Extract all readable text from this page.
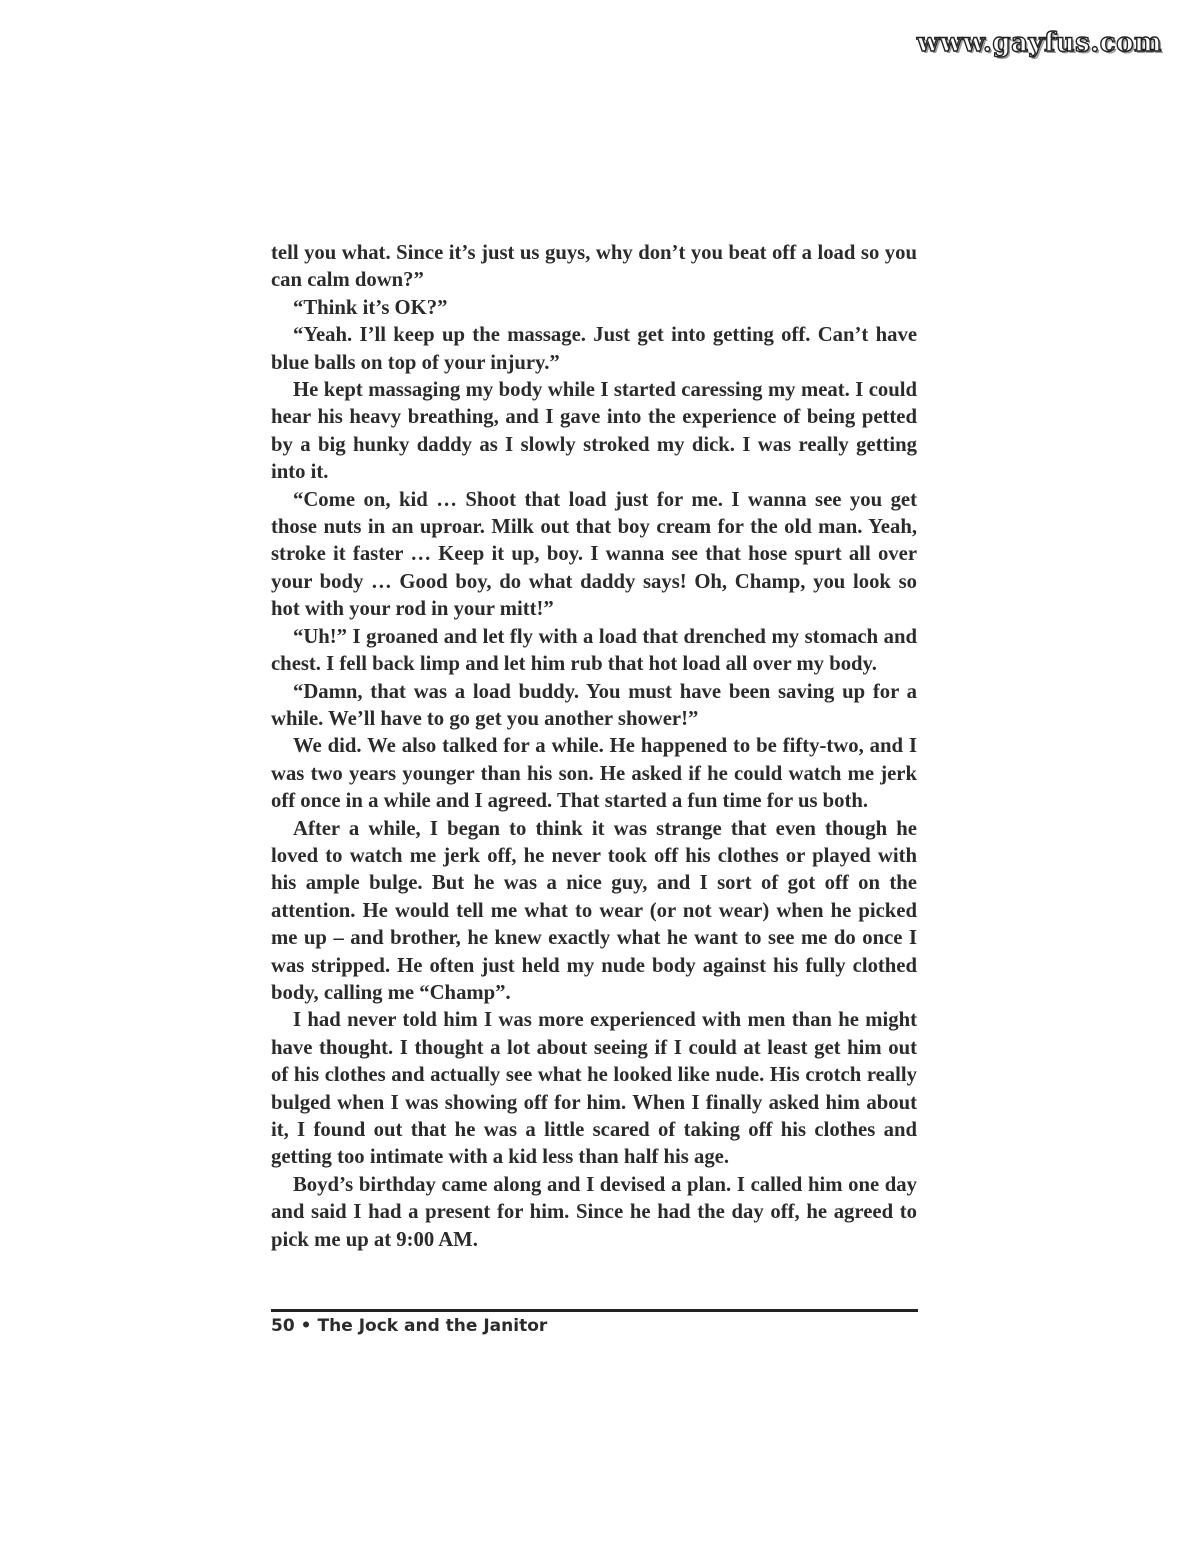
www.gayfus.com

tell you what. Since it’s just us guys, why don’t you beat off a load so you can calm down?”

“Think it’s OK?”

“Yeah. I’ll keep up the massage. Just get into getting off. Can’t have blue balls on top of your injury.”

He kept massaging my body while I started caressing my meat. I could hear his heavy breathing, and I gave into the experience of being petted by a big hunky daddy as I slowly stroked my dick. I was really getting into it.

“Come on, kid … Shoot that load just for me. I wanna see you get those nuts in an uproar. Milk out that boy cream for the old man. Yeah, stroke it faster … Keep it up, boy. I wanna see that hose spurt all over your body … Good boy, do what daddy says! Oh, Champ, you look so hot with your rod in your mitt!”

“Uh!” I groaned and let fly with a load that drenched my stomach and chest. I fell back limp and let him rub that hot load all over my body.

“Damn, that was a load buddy. You must have been saving up for a while. We’ll have to go get you another shower!”

We did. We also talked for a while. He happened to be fifty-two, and I was two years younger than his son. He asked if he could watch me jerk off once in a while and I agreed. That started a fun time for us both.

After a while, I began to think it was strange that even though he loved to watch me jerk off, he never took off his clothes or played with his ample bulge. But he was a nice guy, and I sort of got off on the attention. He would tell me what to wear (or not wear) when he picked me up – and brother, he knew exactly what he want to see me do once I was stripped. He often just held my nude body against his fully clothed body, calling me “Champ”.

I had never told him I was more experienced with men than he might have thought. I thought a lot about seeing if I could at least get him out of his clothes and actually see what he looked like nude. His crotch really bulged when I was showing off for him. When I finally asked him about it, I found out that he was a little scared of taking off his clothes and getting too intimate with a kid less than half his age.

Boyd’s birthday came along and I devised a plan. I called him one day and said I had a present for him. Since he had the day off, he agreed to pick me up at 9:00 AM.

50 • The Jock and the Janitor
